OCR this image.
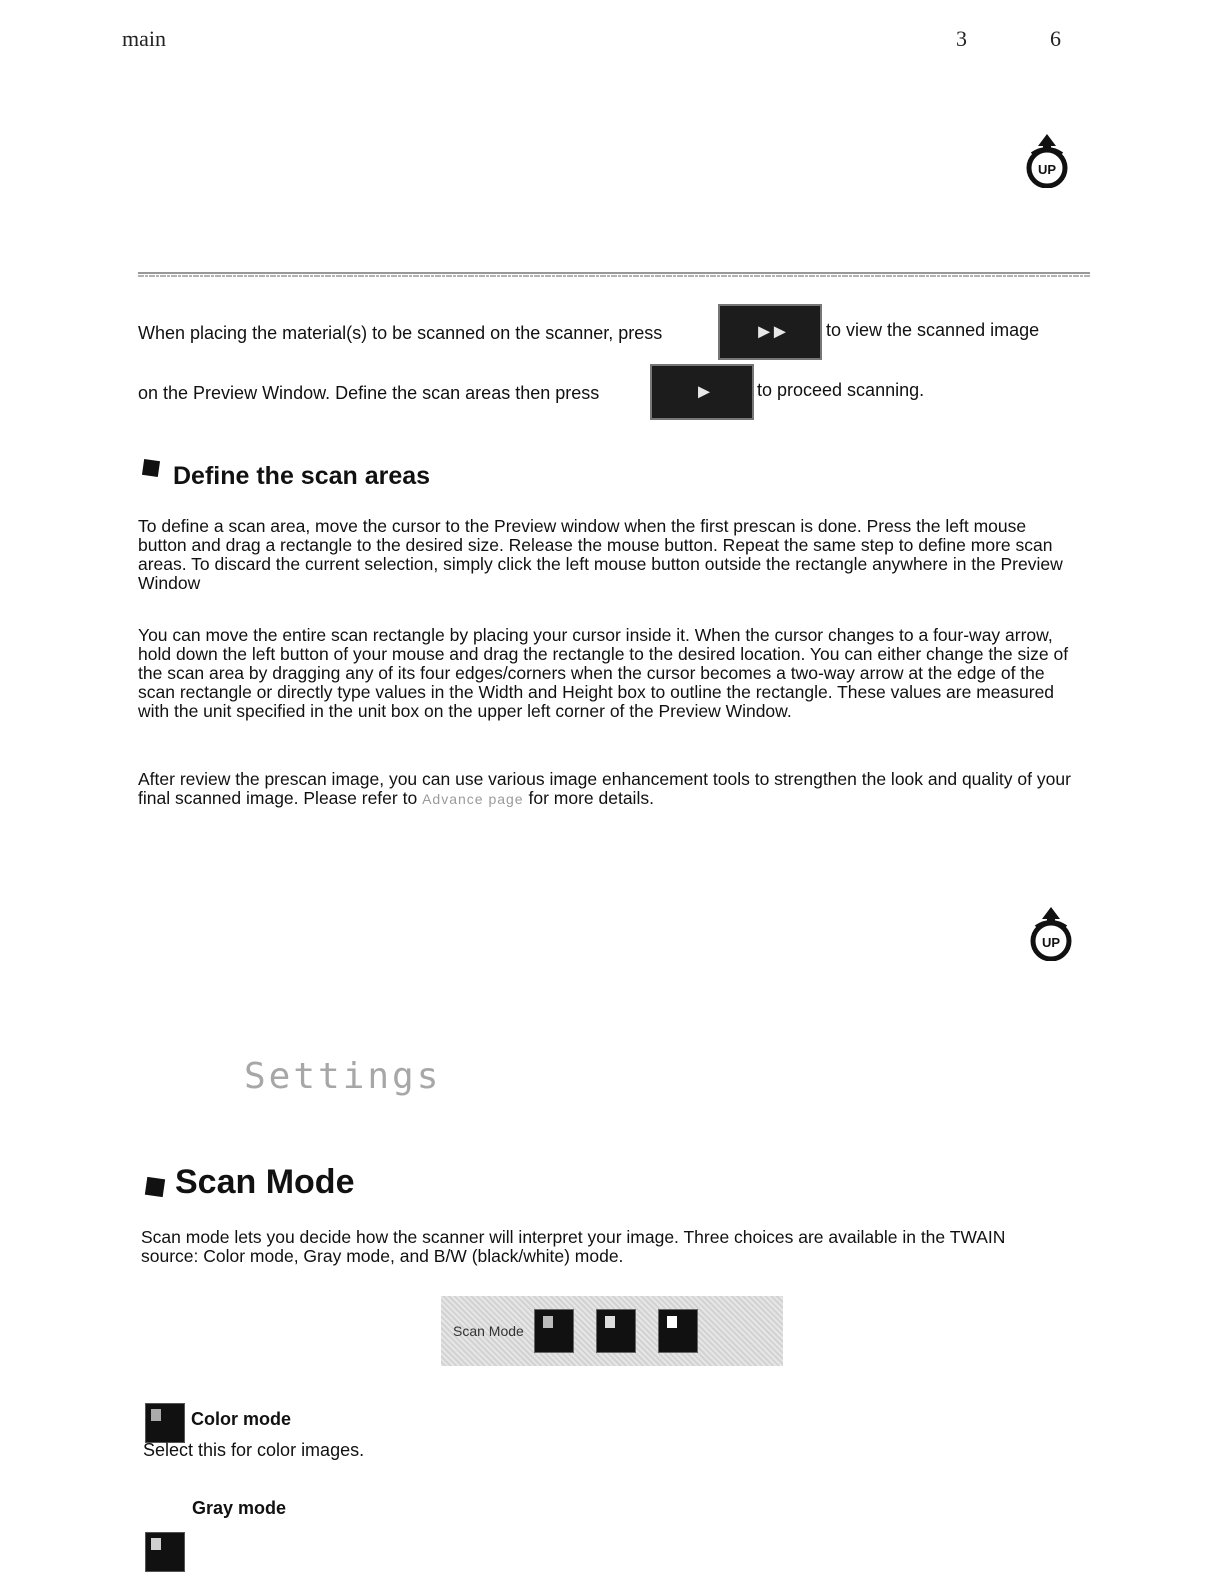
main	3	6
UP
When placing the material(s) to be scanned on the scanner, press	►► to view the scanned image
on the Preview Window. Define the scan areas then press	►	to proceed scanning.
Define the scan areas
To define a scan area, move the cursor to the Preview window when the first prescan is done. Press the left mouse button and drag a rectangle to the desired size. Release the mouse button. Repeat the same step to define more scan areas. To discard the current selection, simply click the left mouse button outside the rectangle anywhere in the Preview Window
You can move the entire scan rectangle by placing your cursor inside it. When the cursor changes to a four-way arrow, hold down the left button of your mouse and drag the rectangle to the desired location. You can either change the size of the scan area by dragging any of its four edges/corners when the cursor becomes a two-way arrow at the edge of the scan rectangle or directly type values in the Width and Height box to outline the rectangle. These values are measured with the unit specified in the unit box on the upper left corner of the Preview Window.
After review the prescan image, you can use various image enhancement tools to strengthen the look and quality of your final scanned image. Please refer to Advance page for more details.
UP
Settings
Scan Mode
Scan mode lets you decide how the scanner will interpret your image. Three choices are available in the TWAIN source: Color mode, Gray mode, and B/W (black/white) mode.
Scan Mode
Color mode
Select this for color images.
Gray mode
